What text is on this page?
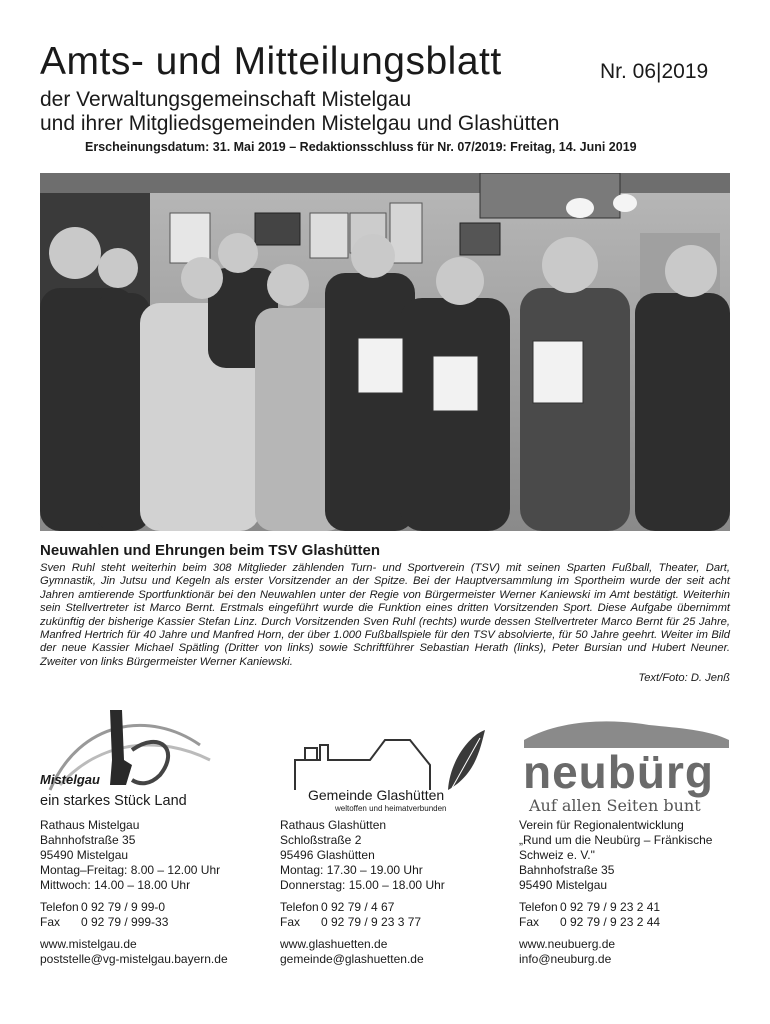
Amts- und Mitteilungsblatt	Nr. 06|2019
der Verwaltungsgemeinschaft Mistelgau
und ihrer Mitgliedsgemeinden Mistelgau und Glashütten
Erscheinungsdatum: 31. Mai 2019 – Redaktionsschluss für Nr. 07/2019: Freitag, 14. Juni 2019
Neuwahlen und Ehrungen beim TSV Glashütten
Sven Ruhl steht weiterhin beim 308 Mitglieder zählenden Turn- und Sportverein (TSV) mit seinen Sparten Fußball, Theater, Dart, Gymnastik, Jin Jutsu und Kegeln als erster Vorsitzender an der Spitze. Bei der Hauptversammlung im Sportheim wurde der seit acht Jahren amtierende Sportfunktionär bei den Neuwahlen unter der Regie von Bürgermeister Werner Kaniewski im Amt bestätigt. Weiterhin sein Stellvertreter ist Marco Bernt. Erstmals eingeführt wurde die Funktion eines dritten Vorsitzenden Sport. Diese Aufgabe übernimmt zukünftig der bisherige Kassier Stefan Linz. Durch Vorsitzenden Sven Ruhl (rechts) wurde dessen Stellvertreter Marco Bernt für 25 Jahre, Manfred Hertrich für 40 Jahre und Manfred Horn, der über 1.000 Fußballspiele für den TSV absolvierte, für 50 Jahre geehrt. Weiter im Bild der neue Kassier Michael Spätling (Dritter von links) sowie Schriftführer Sebastian Herath (links), Peter Bursian und Hubert Neuner. Zweiter von links Bürgermeister Werner Kaniewski.
Text/Foto: D. Jenß
Mistelgau
ein starkes Stück Land
Rathaus Mistelgau
Bahnhofstraße 35
95490 Mistelgau
Montag–Freitag: 8.00 – 12.00 Uhr
Mittwoch: 14.00 – 18.00 Uhr
Telefon 0 92 79 / 9 99-0
Fax	0 92 79 / 999-33
www.mistelgau.de
poststelle@vg-mistelgau.bayern.de
Gemeinde Glashütten
weltoffen und heimatverbunden
Rathaus Glashütten
Schloßstraße 2
95496 Glashütten
Montag: 17.30 – 19.00 Uhr
Donnerstag: 15.00 – 18.00 Uhr
Telefon 0 92 79 / 4 67
Fax	0 92 79 / 9 23 3 77
www.glashuetten.de
gemeinde@glashuetten.de
neubürg
Auf allen Seiten bunt
Verein für Regionalentwicklung
„Rund um die Neubürg – Fränkische
Schweiz e. V."
Bahnhofstraße 35
95490 Mistelgau
Telefon 0 92 79 / 9 23 2 41
Fax	0 92 79 / 9 23 2 44
www.neubuerg.de
info@neuburg.de
